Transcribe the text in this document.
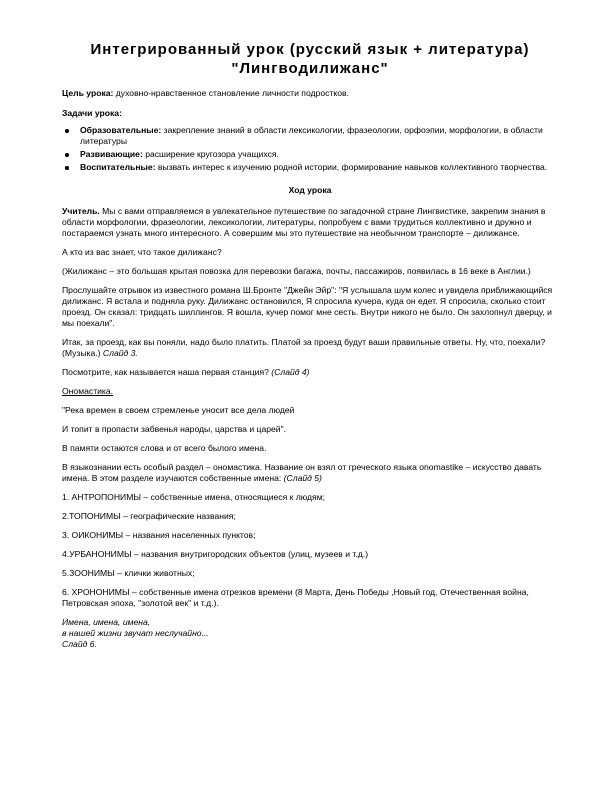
Интегрированный урок (русский язык + литература)
"Лингводилижанс"

Цель урока: духовно-нравственное становление личности подростков.

Задачи урока:

Образовательные: закрепление знаний в области лексикологии, фразеологии, орфоэпии, морфологии, в области литературы
Развивающие: расширение кругозора учащихся.
Воспитательные: вызвать интерес к изучению родной истории, формирование навыков коллективного творчества.

Ход урока

Учитель. Мы с вами отправляемся в увлекательное путешествие по загадочной стране Лингвистике, закрепим знания в области морфологии, фразеологии, лексикологии, литературы, попробуем с вами трудиться коллективно и дружно и постараемся узнать много интересного. А совершим мы это путешествие на необычном транспорте – дилижансе.

А кто из вас знает, что такое дилижанс?

(Жилижанс – это большая крытая повозка для перевозки багажа, почты, пассажиров, появилась в 16 веке в Англии.)

Прослушайте отрывок из известного романа Ш.Бронте "Джейн Эйр": "Я услышала шум колес и увидела приближающийся дилижанс. Я встала и подняла руку. Дилижанс остановился, Я спросила кучера, куда он едет. Я спросила, сколько стоит проезд. Он сказал: тридцать шиллингов. Я вошла, кучер помог мне сесть. Внутри никого не было. Он захлопнул дверцу, и мы поехали".

Итак, за проезд, как вы поняли, надо было платить. Платой за проезд будут ваши правильные ответы. Ну, что, поехали? (Музыка.) Слайд 3.

Посмотрите, как называется наша первая станция? (Слайд 4)

Ономастика.

"Река времен в своем стремленье уносит все дела людей

И топит в пропасти забвенья народы, царства и царей".

В памяти остаются слова и от всего былого имена.

В языкознании есть особый раздел – ономастика. Название он взял от греческого языка onomastike – искусство давать имена. В этом разделе изучаются собственные имена: (Слайд 5)

1. АНТРОПОНИМЫ – собственные имена, относящиеся к людям;

2.ТОПОНИМЫ – географические названия;

3. ОИКОНИМЫ – названия населенных пунктов;

4.УРБАНОНИМЫ – названия внутригородских объектов (улиц, музеев и т.д.)

5.ЗООНИМЫ – клички животных;

6. ХРОНОНИМЫ – собственные имена отрезков времени (8 Марта, День Победы ,Новый год, Отечественная война, Петровская эпоха, "золотой век" и т.д.).

Имена, имена, имена,

в нашей жизни звучат неслучайно...

Слайд 6.
